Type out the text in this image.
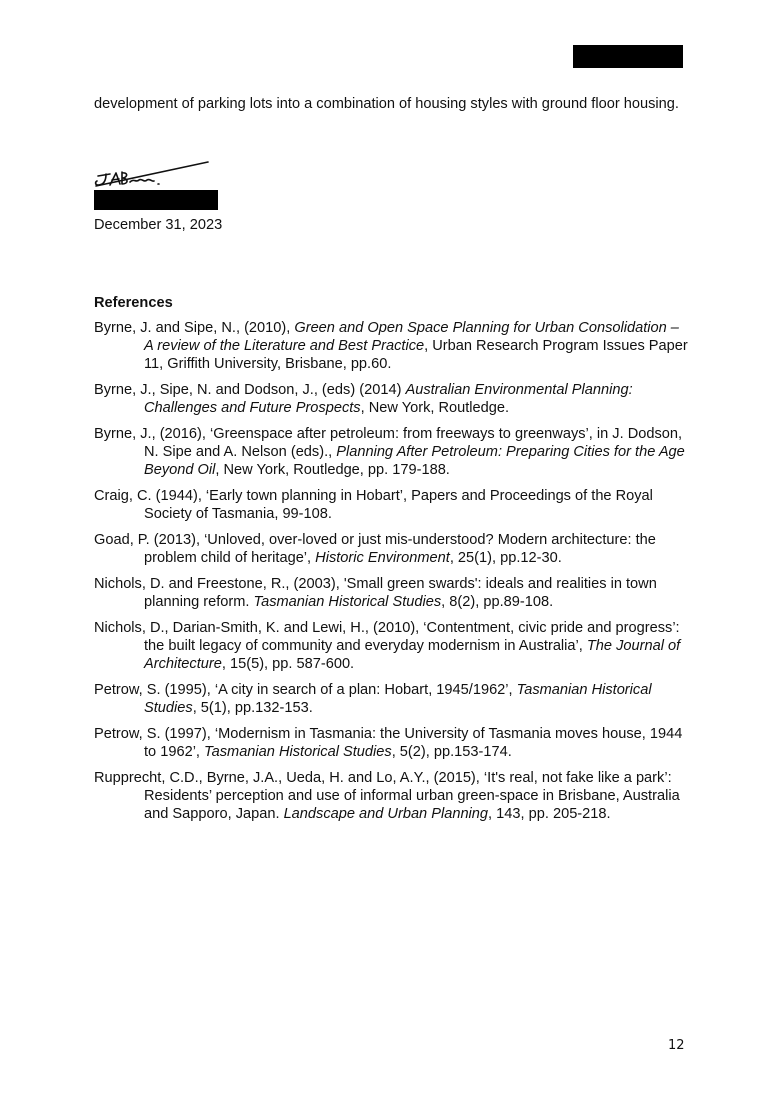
development of parking lots into a combination of housing styles with ground floor housing.

December 31, 2023
References
Byrne, J. and Sipe, N., (2010), Green and Open Space Planning for Urban Consolidation – A review of the Literature and Best Practice, Urban Research Program Issues Paper 11, Griffith University, Brisbane, pp.60.
Byrne, J., Sipe, N. and Dodson, J., (eds) (2014) Australian Environmental Planning: Challenges and Future Prospects, New York, Routledge.
Byrne, J., (2016), ‘Greenspace after petroleum: from freeways to greenways’, in J. Dodson, N. Sipe and A. Nelson (eds)., Planning After Petroleum: Preparing Cities for the Age Beyond Oil, New York, Routledge, pp. 179-188.
Craig, C. (1944), ‘Early town planning in Hobart’, Papers and Proceedings of the Royal Society of Tasmania, 99-108.
Goad, P. (2013), ‘Unloved, over-loved or just mis-understood? Modern architecture: the problem child of heritage’, Historic Environment, 25(1), pp.12-30.
Nichols, D. and Freestone, R., (2003), 'Small green swards': ideals and realities in town planning reform. Tasmanian Historical Studies, 8(2), pp.89-108.
Nichols, D., Darian-Smith, K. and Lewi, H., (2010), ‘Contentment, civic pride and progress’: the built legacy of community and everyday modernism in Australia’, The Journal of Architecture, 15(5), pp. 587-600.
Petrow, S. (1995), ‘A city in search of a plan: Hobart, 1945/1962’, Tasmanian Historical Studies, 5(1), pp.132-153.
Petrow, S. (1997), ‘Modernism in Tasmania: the University of Tasmania moves house, 1944 to 1962’, Tasmanian Historical Studies, 5(2), pp.153-174.
Rupprecht, C.D., Byrne, J.A., Ueda, H. and Lo, A.Y., (2015), ‘It's real, not fake like a park’: Residents’ perception and use of informal urban green-space in Brisbane, Australia and Sapporo, Japan. Landscape and Urban Planning, 143, pp. 205-218.
12
